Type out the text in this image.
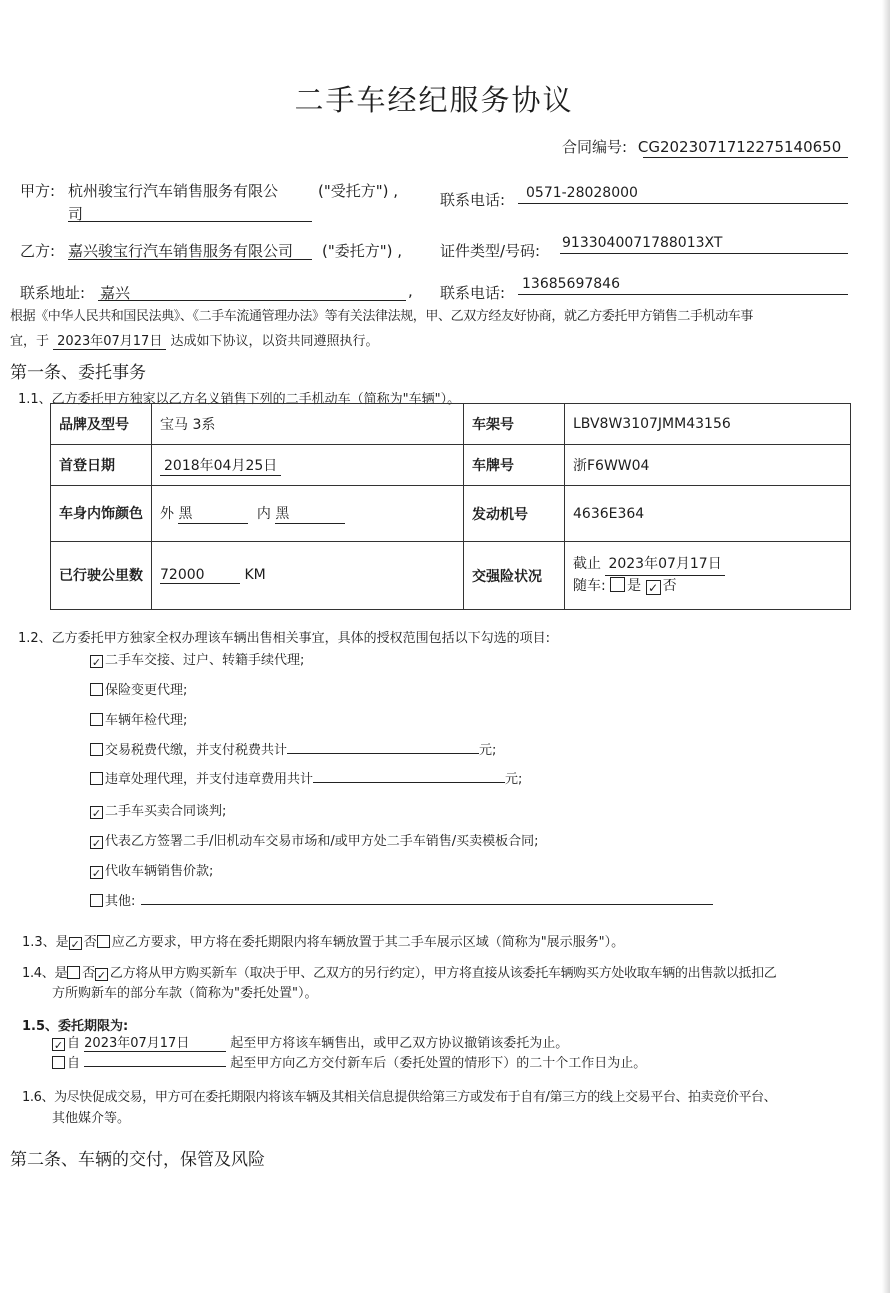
二手车经纪服务协议
合同编号: CG2023071712275140650
甲方: 杭州骏宝行汽车销售服务有限公
司
("受托方") ,	联系电话: 0571-28028000
乙方: 嘉兴骏宝行汽车销售服务有限公司 ("委托方") ,	证件类型/号码: 9133040071788013XT
联系地址: 嘉兴	, 联系电话: 13685697846
根据《中华人民共和国民法典》、《二手车流通管理办法》等有关法律法规，甲、乙双方经友好协商，就乙方委托甲方销售二手机动车事
宜，于 2023年07月17日 达成如下协议，以资共同遵照执行。
第一条、委托事务
1.1、乙方委托甲方独家以乙方名义销售下列的二手机动车（简称为"车辆"）。
品牌及型号	宝马 3系	车架号	LBV8W3107JMM43156
首登日期	2018年04月25日	车牌号	浙F6WW04
车身内饰颜色	外 黑 内 黑	发动机号	4636E364
已行驶公里数	72000 KM	交强险状况	截止 2023年07月17日
随车: 是 ✓ 否
1.2、乙方委托甲方独家全权办理该车辆出售相关事宜，具体的授权范围包括以下勾选的项目:
✓ 二手车交接、过户、转籍手续代理;
保险变更代理;
车辆年检代理;
交易税费代缴，并支付税费共计	元;
违章处理代理，并支付违章费用共计	元;
✓ 二手车买卖合同谈判;
✓ 代表乙方签署二手/旧机动车交易市场和/或甲方处二手车销售/买卖模板合同;
✓ 代收车辆销售价款;
其他:
1.3、是 ✓ 否 应乙方要求，甲方将在委托期限内将车辆放置于其二手车展示区域（简称为"展示服务"）。
1.4、是 否 ✓ 乙方将从甲方购买新车（取决于甲、乙双方的另行约定），甲方将直接从该委托车辆购买方处收取车辆的出售款以抵扣乙
方所购新车的部分车款（简称为"委托处置"）。
1.5、委托期限为:
✓ 自 2023年07月17日	起至甲方将该车辆售出，或甲乙双方协议撤销该委托为止。
自	起至甲方向乙方交付新车后（委托处置的情形下）的二十个工作日为止。
1.6、为尽快促成交易，甲方可在委托期限内将该车辆及其相关信息提供给第三方或发布于自有/第三方的线上交易平台、拍卖竞价平台、
其他媒介等。
第二条、车辆的交付，保管及风险
